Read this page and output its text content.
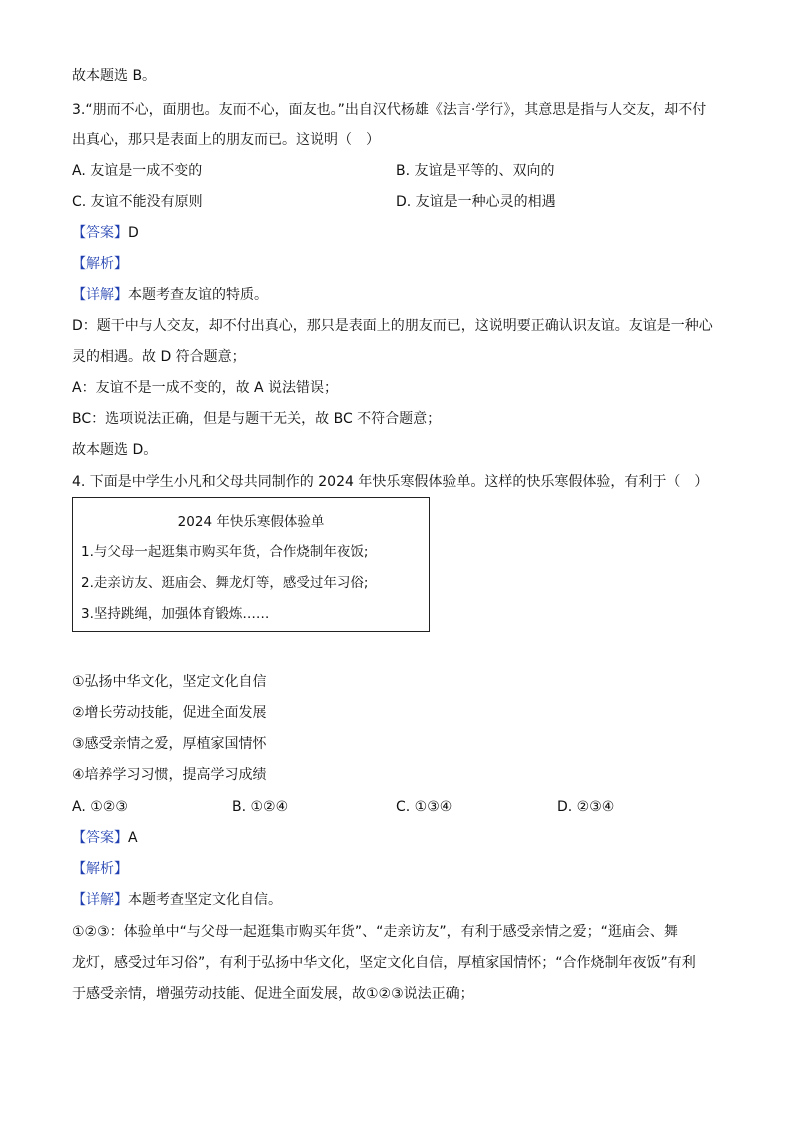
故本题选 B。
3.“朋而不心，面朋也。友而不心，面友也。”出自汉代杨雄《法言·学行》，其意思是指与人交友，却不付
出真心，那只是表面上的朋友而已。这说明（　）
A. 友谊是一成不变的	B. 友谊是平等的、双向的
C. 友谊不能没有原则	D. 友谊是一种心灵的相遇
【答案】D
【解析】
【详解】本题考查友谊的特质。
D：题干中与人交友，却不付出真心，那只是表面上的朋友而已，这说明要正确认识友谊。友谊是一种心
灵的相遇。故 D 符合题意；
A：友谊不是一成不变的，故 A 说法错误；
BC：选项说法正确，但是与题干无关，故 BC 不符合题意；
故本题选 D。
4. 下面是中学生小凡和父母共同制作的 2024 年快乐寒假体验单。这样的快乐寒假体验，有利于（　）
2024 年快乐寒假体验单
1.与父母一起逛集市购买年货，合作烧制年夜饭;
2.走亲访友、逛庙会、舞龙灯等，感受过年习俗;
3.坚持跳绳，加强体育锻炼……
①弘扬中华文化，坚定文化自信
②增长劳动技能，促进全面发展
③感受亲情之爱，厚植家国情怀
④培养学习习惯，提高学习成绩
A. ①②③	B. ①②④	C. ①③④	D. ②③④
【答案】A
【解析】
【详解】本题考查坚定文化自信。
①②③：体验单中“与父母一起逛集市购买年货”、“走亲访友”，有利于感受亲情之爱；“逛庙会、舞
龙灯，感受过年习俗”，有利于弘扬中华文化，坚定文化自信，厚植家国情怀；“合作烧制年夜饭”有利
于感受亲情，增强劳动技能、促进全面发展，故①②③说法正确；
